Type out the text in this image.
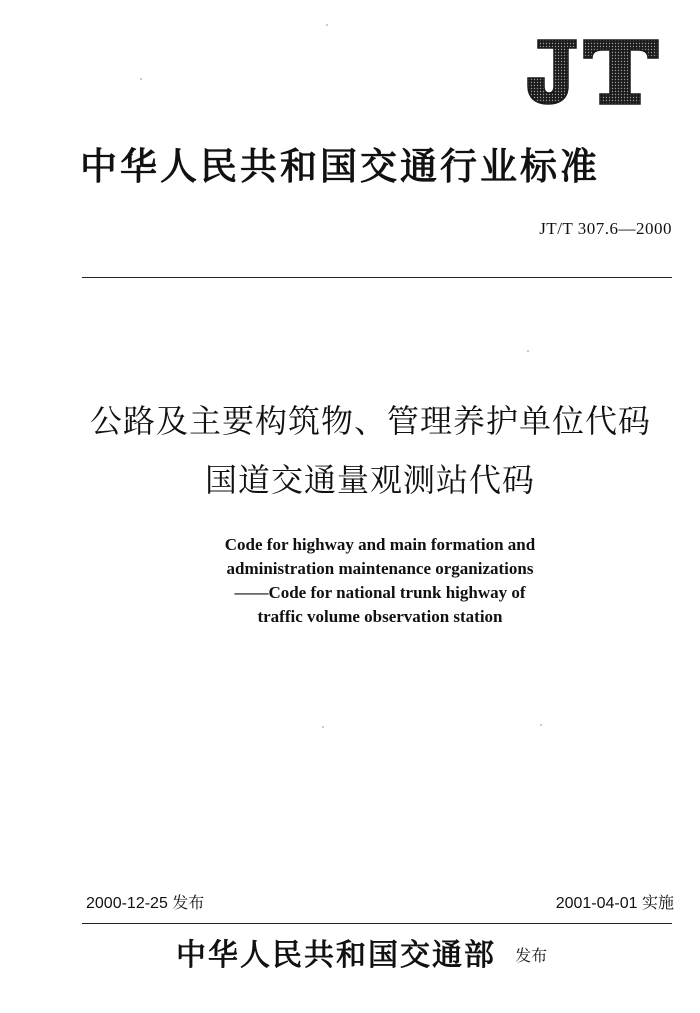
中华人民共和国交通行业标准
JT/T 307.6—2000
公路及主要构筑物、管理养护单位代码
国道交通量观测站代码
Code for highway and main formation and
administration maintenance organizations
——Code for national trunk highway of
traffic volume observation station
2000-12-25 发布	2001-04-01 实施
中华人民共和国交通部 发布
